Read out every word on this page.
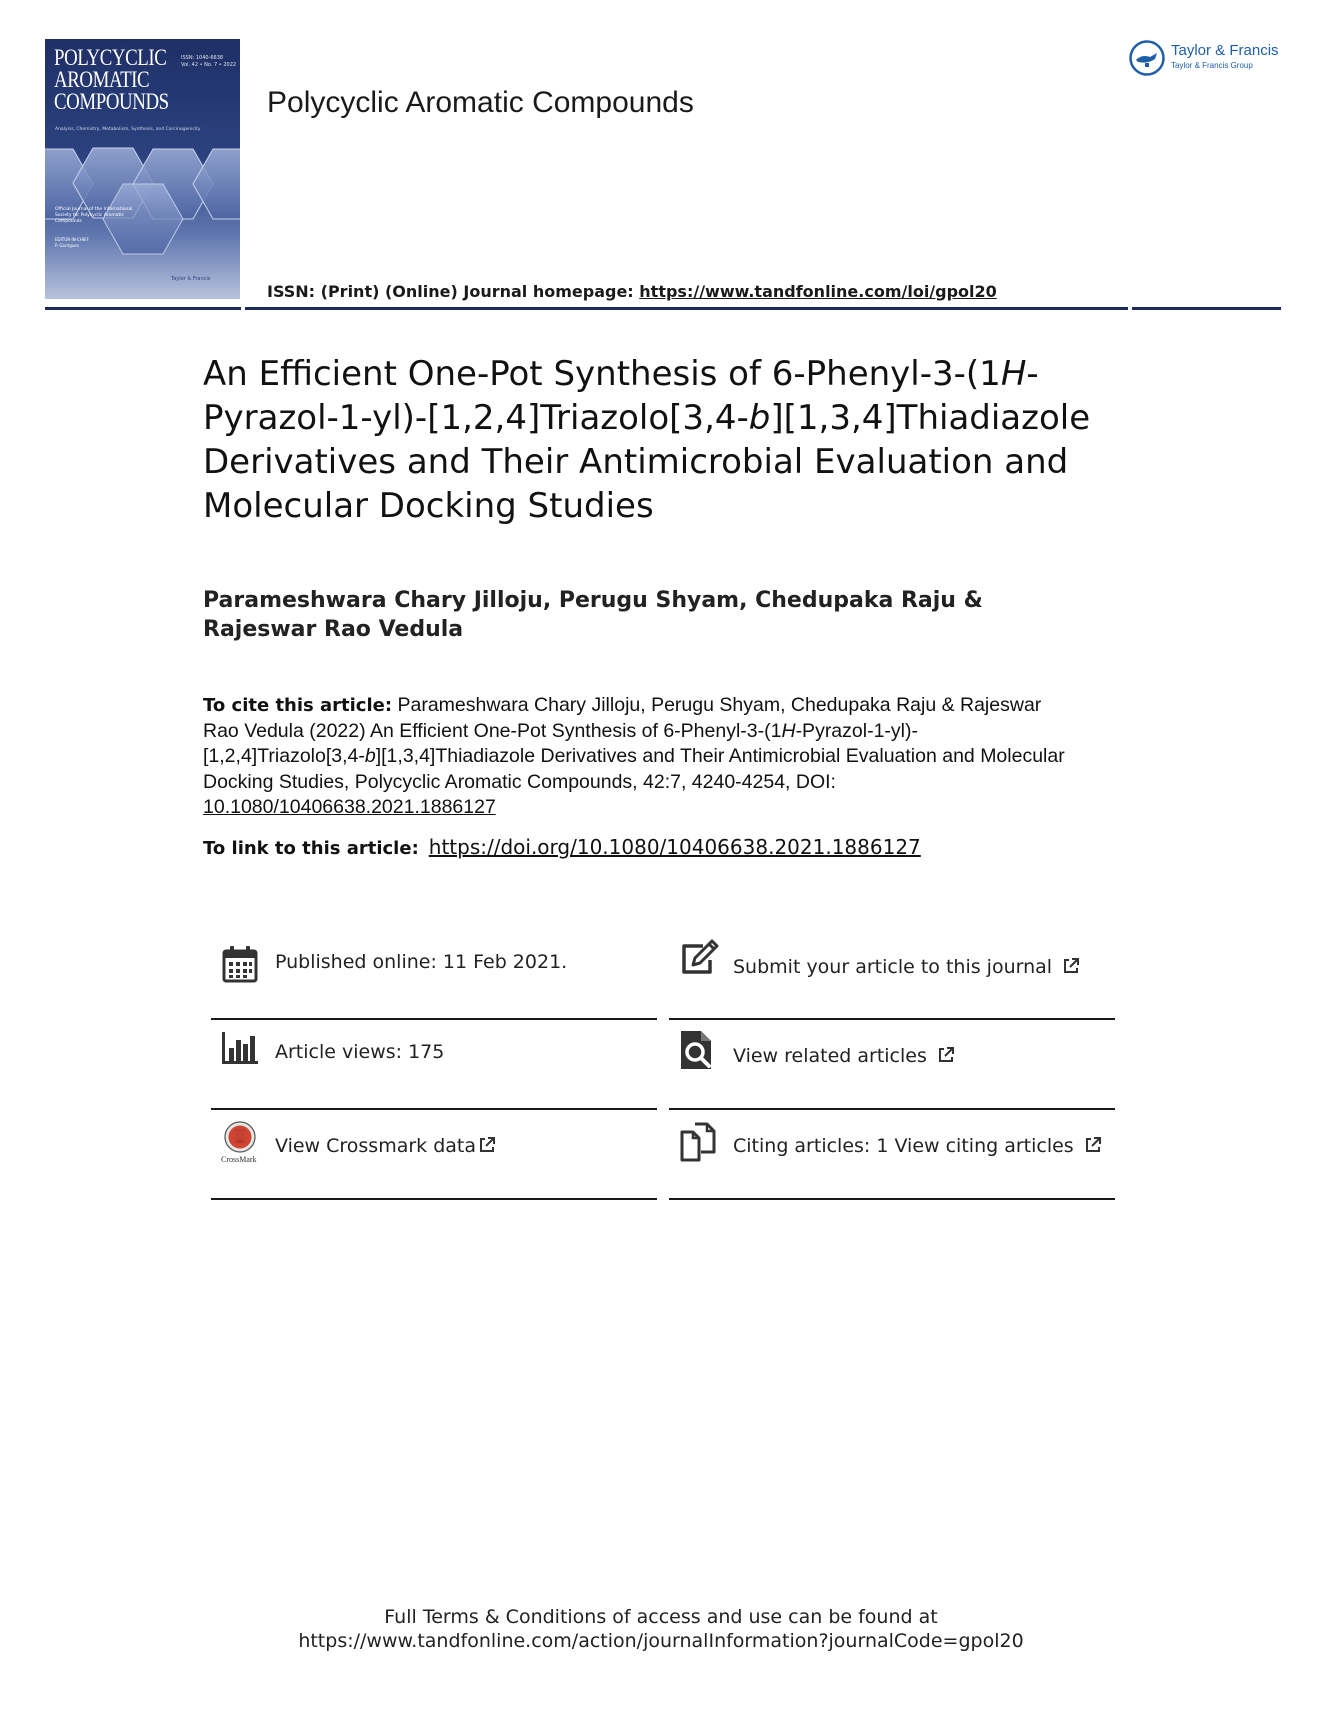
POLYCYCLIC
AROMATIC
COMPOUNDS
ISSN: 1040-6638
Vol. 42 • No. 7 • 2022
Analysis, Chemistry, Metabolism, Synthesis, and Carcinogenicity
Official Journal of the International Society for Polycyclic Aromatic Compounds
EDITOR-IN-CHIEF
P. Garrigues
Taylor & Francis
Polycyclic Aromatic Compounds
ISSN: (Print) (Online) Journal homepage: https://www.tandfonline.com/loi/gpol20
Taylor & Francis
Taylor & Francis Group
An Efficient One-Pot Synthesis of 6-Phenyl-3-(1H-Pyrazol-1-yl)-[1,2,4]Triazolo[3,4-b][1,3,4]Thiadiazole Derivatives and Their Antimicrobial Evaluation and Molecular Docking Studies
Parameshwara Chary Jilloju, Perugu Shyam, Chedupaka Raju & Rajeswar Rao Vedula
To cite this article: Parameshwara Chary Jilloju, Perugu Shyam, Chedupaka Raju & Rajeswar Rao Vedula (2022) An Efficient One-Pot Synthesis of 6-Phenyl-3-(1H-Pyrazol-1-yl)-[1,2,4]Triazolo[3,4-b][1,3,4]Thiadiazole Derivatives and Their Antimicrobial Evaluation and Molecular Docking Studies, Polycyclic Aromatic Compounds, 42:7, 4240-4254, DOI: 10.1080/10406638.2021.1886127
To link to this article: https://doi.org/10.1080/10406638.2021.1886127
Published online: 11 Feb 2021.
Article views: 175
CrossMark
View Crossmark data
Submit your article to this journal
View related articles
Citing articles: 1 View citing articles
Full Terms & Conditions of access and use can be found at
https://www.tandfonline.com/action/journalInformation?journalCode=gpol20
